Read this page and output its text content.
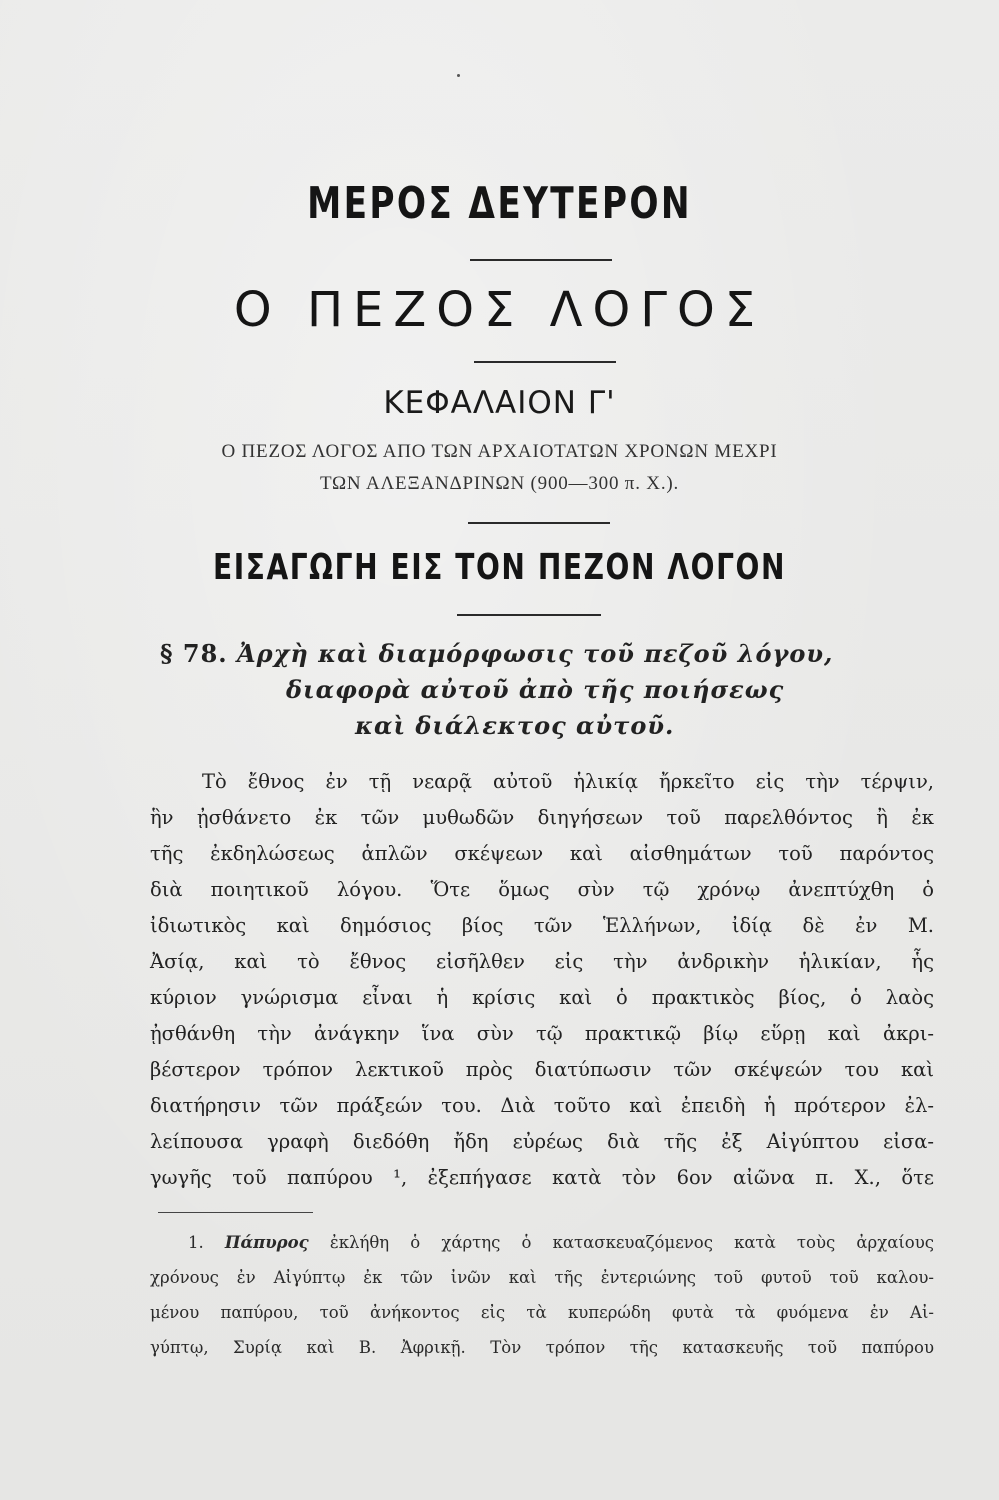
ΜΕΡΟΣ ΔΕΥΤΕΡΟΝ
Ο ΠΕΖΟΣ ΛΟΓΟΣ
ΚΕΦΑΛΑΙΟΝ Γ'
Ο ΠΕΖΟΣ ΛΟΓΟΣ ΑΠΟ ΤΩΝ ΑΡΧΑΙΟΤΑΤΩΝ ΧΡΟΝΩΝ ΜΕΧΡΙ
ΤΩΝ ΑΛΕΞΑΝΔΡΙΝΩΝ (900—300 π. Χ.).
ΕΙΣΑΓΩΓΗ ΕΙΣ ΤΟΝ ΠΕΖΟΝ ΛΟΓΟΝ
§ 78. Ἀρχὴ καὶ διαμόρφωσις τοῦ πεζοῦ λόγου,
διαφορὰ αὐτοῦ ἀπὸ τῆς ποιήσεως
καὶ διάλεκτος αὐτοῦ.
Τὸ ἔθνος ἐν τῇ νεαρᾷ αὐτοῦ ἡλικίᾳ ἤρκεῖτο εἰς τὴν τέρψιν,
ἣν ᾐσθάνετο ἐκ τῶν μυθωδῶν διηγήσεων τοῦ παρελθόντος ἢ ἐκ
τῆς ἐκδηλώσεως ἁπλῶν σκέψεων καὶ αἰσθημάτων τοῦ παρόντος
διὰ ποιητικοῦ λόγου. Ὅτε ὅμως σὺν τῷ χρόνῳ ἀνεπτύχθη ὁ
ἰδιωτικὸς καὶ δημόσιος βίος τῶν Ἑλλήνων, ἰδίᾳ δὲ ἐν Μ.
Ἀσίᾳ, καὶ τὸ ἔθνος εἰσῆλθεν εἰς τὴν ἀνδρικὴν ἡλικίαν, ἧς
κύριον γνώρισμα εἶναι ἡ κρίσις καὶ ὁ πρακτικὸς βίος, ὁ λαὸς
ᾐσθάνθη τὴν ἀνάγκην ἵνα σὺν τῷ πρακτικῷ βίῳ εὕρῃ καὶ ἀκρι-
βέστερον τρόπον λεκτικοῦ πρὸς διατύπωσιν τῶν σκέψεών του καὶ
διατήρησιν τῶν πράξεών του. Διὰ τοῦτο καὶ ἐπειδὴ ἡ πρότερον ἐλ-
λείπουσα γραφὴ διεδόθη ἤδη εὐρέως διὰ τῆς ἐξ Αἰγύπτου εἰσα-
γωγῆς τοῦ παπύρου ¹, ἐξεπήγασε κατὰ τὸν 6ον αἰῶνα π. Χ., ὅτε
1. Πάπυρος ἐκλήθη ὁ χάρτης ὁ κατασκευαζόμενος κατὰ τοὺς ἀρχαίους
χρόνους ἐν Αἰγύπτῳ ἐκ τῶν ἰνῶν καὶ τῆς ἐντεριώνης τοῦ φυτοῦ τοῦ καλου-
μένου παπύρου, τοῦ ἀνήκοντος εἰς τὰ κυπερώδη φυτὰ τὰ φυόμενα ἐν Αἰ-
γύπτῳ, Συρίᾳ καὶ Β. Ἀφρικῇ. Τὸν τρόπον τῆς κατασκευῆς τοῦ παπύρου
